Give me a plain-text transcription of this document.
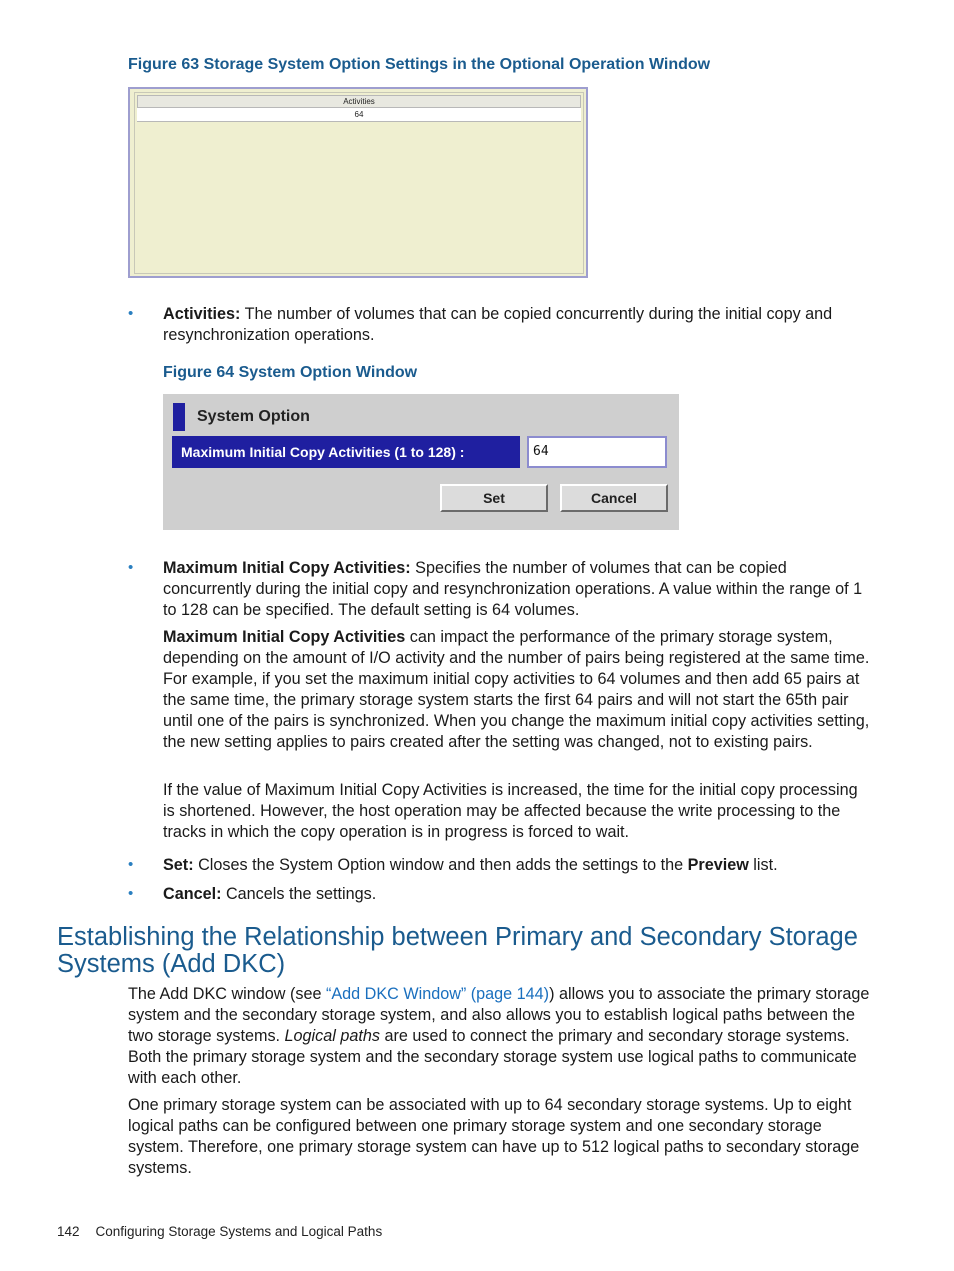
Figure 63 Storage System Option Settings in the Optional Operation Window
Activities
64
• Activities: The number of volumes that can be copied concurrently during the initial copy and resynchronization operations.
Figure 64 System Option Window
System Option
Maximum Initial Copy Activities (1 to 128) :	64
Set	Cancel
• Maximum Initial Copy Activities: Specifies the number of volumes that can be copied concurrently during the initial copy and resynchronization operations. A value within the range of 1 to 128 can be specified. The default setting is 64 volumes.
Maximum Initial Copy Activities can impact the performance of the primary storage system, depending on the amount of I/O activity and the number of pairs being registered at the same time. For example, if you set the maximum initial copy activities to 64 volumes and then add 65 pairs at the same time, the primary storage system starts the first 64 pairs and will not start the 65th pair until one of the pairs is synchronized. When you change the maximum initial copy activities setting, the new setting applies to pairs created after the setting was changed, not to existing pairs.
If the value of Maximum Initial Copy Activities is increased, the time for the initial copy processing is shortened. However, the host operation may be affected because the write processing to the tracks in which the copy operation is in progress is forced to wait.
• Set: Closes the System Option window and then adds the settings to the Preview list.
• Cancel: Cancels the settings.
Establishing the Relationship between Primary and Secondary Storage Systems (Add DKC)
The Add DKC window (see “Add DKC Window” (page 144)) allows you to associate the primary storage system and the secondary storage system, and also allows you to establish logical paths between the two storage systems. Logical paths are used to connect the primary and secondary storage systems. Both the primary storage system and the secondary storage system use logical paths to communicate with each other.
One primary storage system can be associated with up to 64 secondary storage systems. Up to eight logical paths can be configured between one primary storage system and one secondary storage system. Therefore, one primary storage system can have up to 512 logical paths to secondary storage systems.
142 Configuring Storage Systems and Logical Paths
